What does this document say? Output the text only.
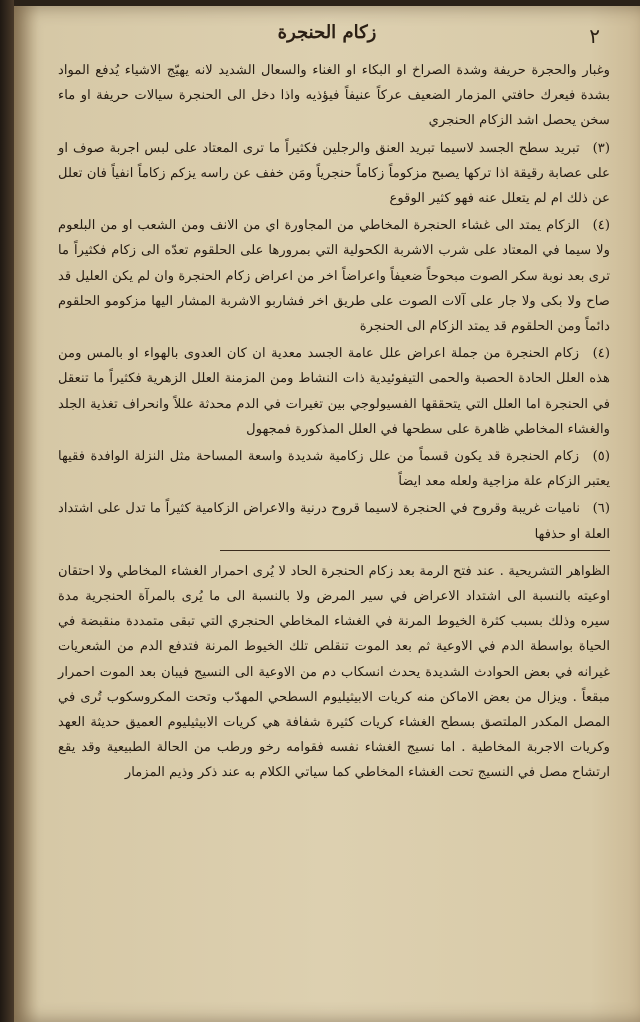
٢
زكام الحنجرة

وغبار والحجرة حريفة وشدة الصراخ او البكاء او الغناء والسعال الشديد لانه يهيّج الاشياء يُدفع المواد بشدة فيعرك حافتي المزمار الضعيف عركاً عنيفاً فيؤذيه واذا دخل الى الحنجرة سيالات حريفة او ماء سخن يحصل اشد الزكام الحنجري

(٣) تبريد سطح الجسد لاسيما تبريد العنق والرجلين فكثيراً ما ترى المعتاد على لبس اجربة صوف او على عصابة رقيقة اذا تركها يصبح مزكوماً زكاماً حنجرياً ومَن خفف عن راسه يزكم زكاماً انفياً فان تعلل عن ذلك ام لم يتعلل عنه فهو كثير الوقوع

(٤) الزكام يمتد الى غشاء الحنجرة المخاطي من المجاورة اي من الانف ومن الشعب او من البلعوم ولا سيما في المعتاد على شرب الاشربة الكحولية التي بمرورها على الحلقوم تعدّه الى زكام فكثيراً ما ترى بعد نوبة سكر الصوت مبحوحاً ضعيفاً واعراضاً اخر من اعراض زكام الحنجرة وان لم يكن العليل قد صاح ولا بكى ولا جار على آلات الصوت على طريق اخر فشاربو الاشربة المشار اليها مزكومو الحلقوم دائماً ومن الحلقوم قد يمتد الزكام الى الحنجرة

(٤) زكام الحنجرة من جملة اعراض علل عامة الجسد معدية ان كان العدوى بالهواء او بالمس ومن هذه العلل الحادة الحصبة والحمى التيفوئيدية ذات النشاط ومن المزمنة العلل الزهرية فكثيراً ما تنعقل في الحنجرة اما العلل التي يتحققها الفسيولوجي بين تغيرات في الدم محدثة عللاً وانحراف تغذية الجلد والغشاء المخاطي ظاهرة على سطحها في العلل المذكورة فمجهول

(٥) زكام الحنجرة قد يكون قسماً من علل زكامية شديدة واسعة المساحة مثل النزلة الوافدة فقيها يعتبر الزكام علة مزاجية ولعله معد ايضاً

(٦) ناميات غريبة وقروح في الحنجرة لاسيما قروح درنية والاعراض الزكامية كثيراً ما تدل على اشتداد العلة او حذفها

الظواهر التشريحية . عند فتح الرمة بعد زكام الحنجرة الحاد لا يُرى احمرار الغشاء المخاطي ولا احتقان اوعيته بالنسبة الى اشتداد الاعراض في سير المرض ولا بالنسبة الى ما يُرى بالمرآة الحنجرية مدة سيره وذلك بسبب كثرة الخيوط المرنة في الغشاء المخاطي الحنجري التي تبقى متمددة منقبضة في الحياة بواسطة الدم في الاوعية ثم بعد الموت تنقلص تلك الخيوط المرنة فتدفع الدم من الشعريات غيرانه في بعض الحوادث الشديدة يحدث انسكاب دم من الاوعية الى النسيج فيبان بعد الموت احمرار مبقعاً . ويزال من بعض الاماكن منه كريات الابيثيليوم السطحي المهدّب وتحت المكروسكوب تُرى في المصل المكدر الملتصق بسطح الغشاء كريات كثيرة شفافة هي كريات الابيثيليوم العميق حديثة العهد وكريات الاجربة المخاطية . اما نسيج الغشاء نفسه فقوامه رخو ورطب من الحالة الطبيعية وقد يقع ارتشاح مصل في النسيج تحت الغشاء المخاطي كما سياتي الكلام به عند ذكر وذيم المزمار
